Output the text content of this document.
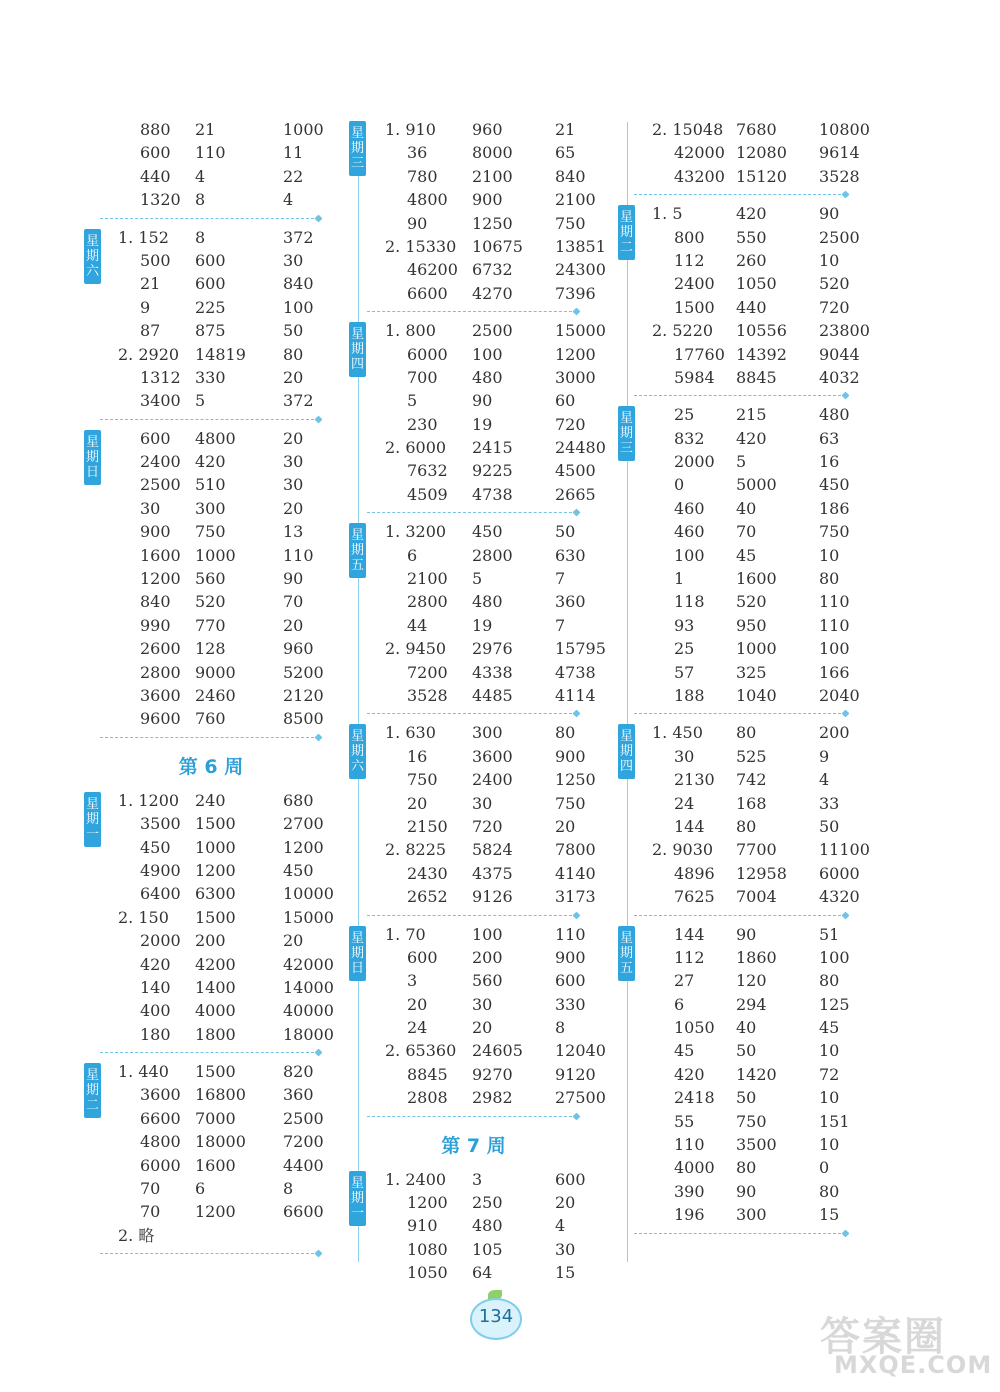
880 21	1000
600 110	11
440 4	22
1320 8	4
星
期
六
1. 152 8	372
500 600	30
21 600	840
9	225	100
87 875	50
2. 2920 14819 80
1312 330	20
3400 5	372
星
期
日
600 4800	20
2400 420	30
2500 510	30
30 300	20
900 750	13
1600 1000	110
1200 560	90
840 520	70
990 770	20
2600 128	960
2800 9000	5200
3600 2460	2120
9600 760	8500
第 6 周
星
期
一
1. 1200 240	680
3500 1500	2700
450 1000	1200
4900 1200	450
6400 6300	10000
2. 150 1500	15000
2000 200	20
420 4200	42000
140 1400	14000
400 4000	40000
180 1800	18000
星
期
二
1. 440 1500	820
3600 16800 360
6600 7000	2500
4800 18000 7200
6000 1600	4400
70 6	8
70 1200	6600
2. 略
星
期
三
1. 910 960	21
36	8000	65
780 2100	840
4800 900	2100
90	1250	750
2. 15330 10675 13851
46200 6732	24300
6600 4270	7396
星
期
四
1. 800 2500	15000
6000 100	1200
700 480	3000
5	90	60
230 19	720
2. 6000 2415	24480
7632 9225	4500
4509 4738	2665
星
期
五
1. 3200 450	50
6	2800	630
2100 5	7
2800 480	360
44	19	7
2. 9450 2976	15795
7200 4338	4738
3528 4485	4114
星
期
六
1. 630 300	80
16	3600	900
750 2400	1250
20	30	750
2150 720	20
2. 8225 5824	7800
2430 4375	4140
2652 9126	3173
星
期
日
1. 70	100	110
600 200	900
3	560	600
20	30	330
24	20	8
2. 65360 24605 12040
8845 9270	9120
2808 2982	27500
第 7 周
星
期
一
1. 2400 3	600
1200 250	20
910 480	4
1080 105	30
1050 64	15
2. 15048 7680	10800
42000 12080 9614
43200 15120 3528
星
期
二
1. 5	420	90
800 550	2500
112 260	10
2400 1050	520
1500 440	720
2. 5220 10556 23800
17760 14392 9044
5984 8845	4032
星
期
三
25	215	480
832 420	63
2000 5	16
0	5000	450
460 40	186
460 70	750
100 45	10
1	1600	80
118 520	110
93	950	110
25	1000	100
57	325	166
188 1040	2040
星
期
四
1. 450 80	200
30	525	9
2130 742	4
24	168	33
144 80	50
2. 9030 7700	11100
4896 12958 6000
7625 7004	4320
星
期
五
144 90	51
112 1860	100
27	120	80
6	294	125
1050 40	45
45	50	10
420 1420	72
2418 50	10
55	750	151
110 3500	10
4000 80	0
390 90	80
196 300	15
134	答案圈
MXQE.COM
